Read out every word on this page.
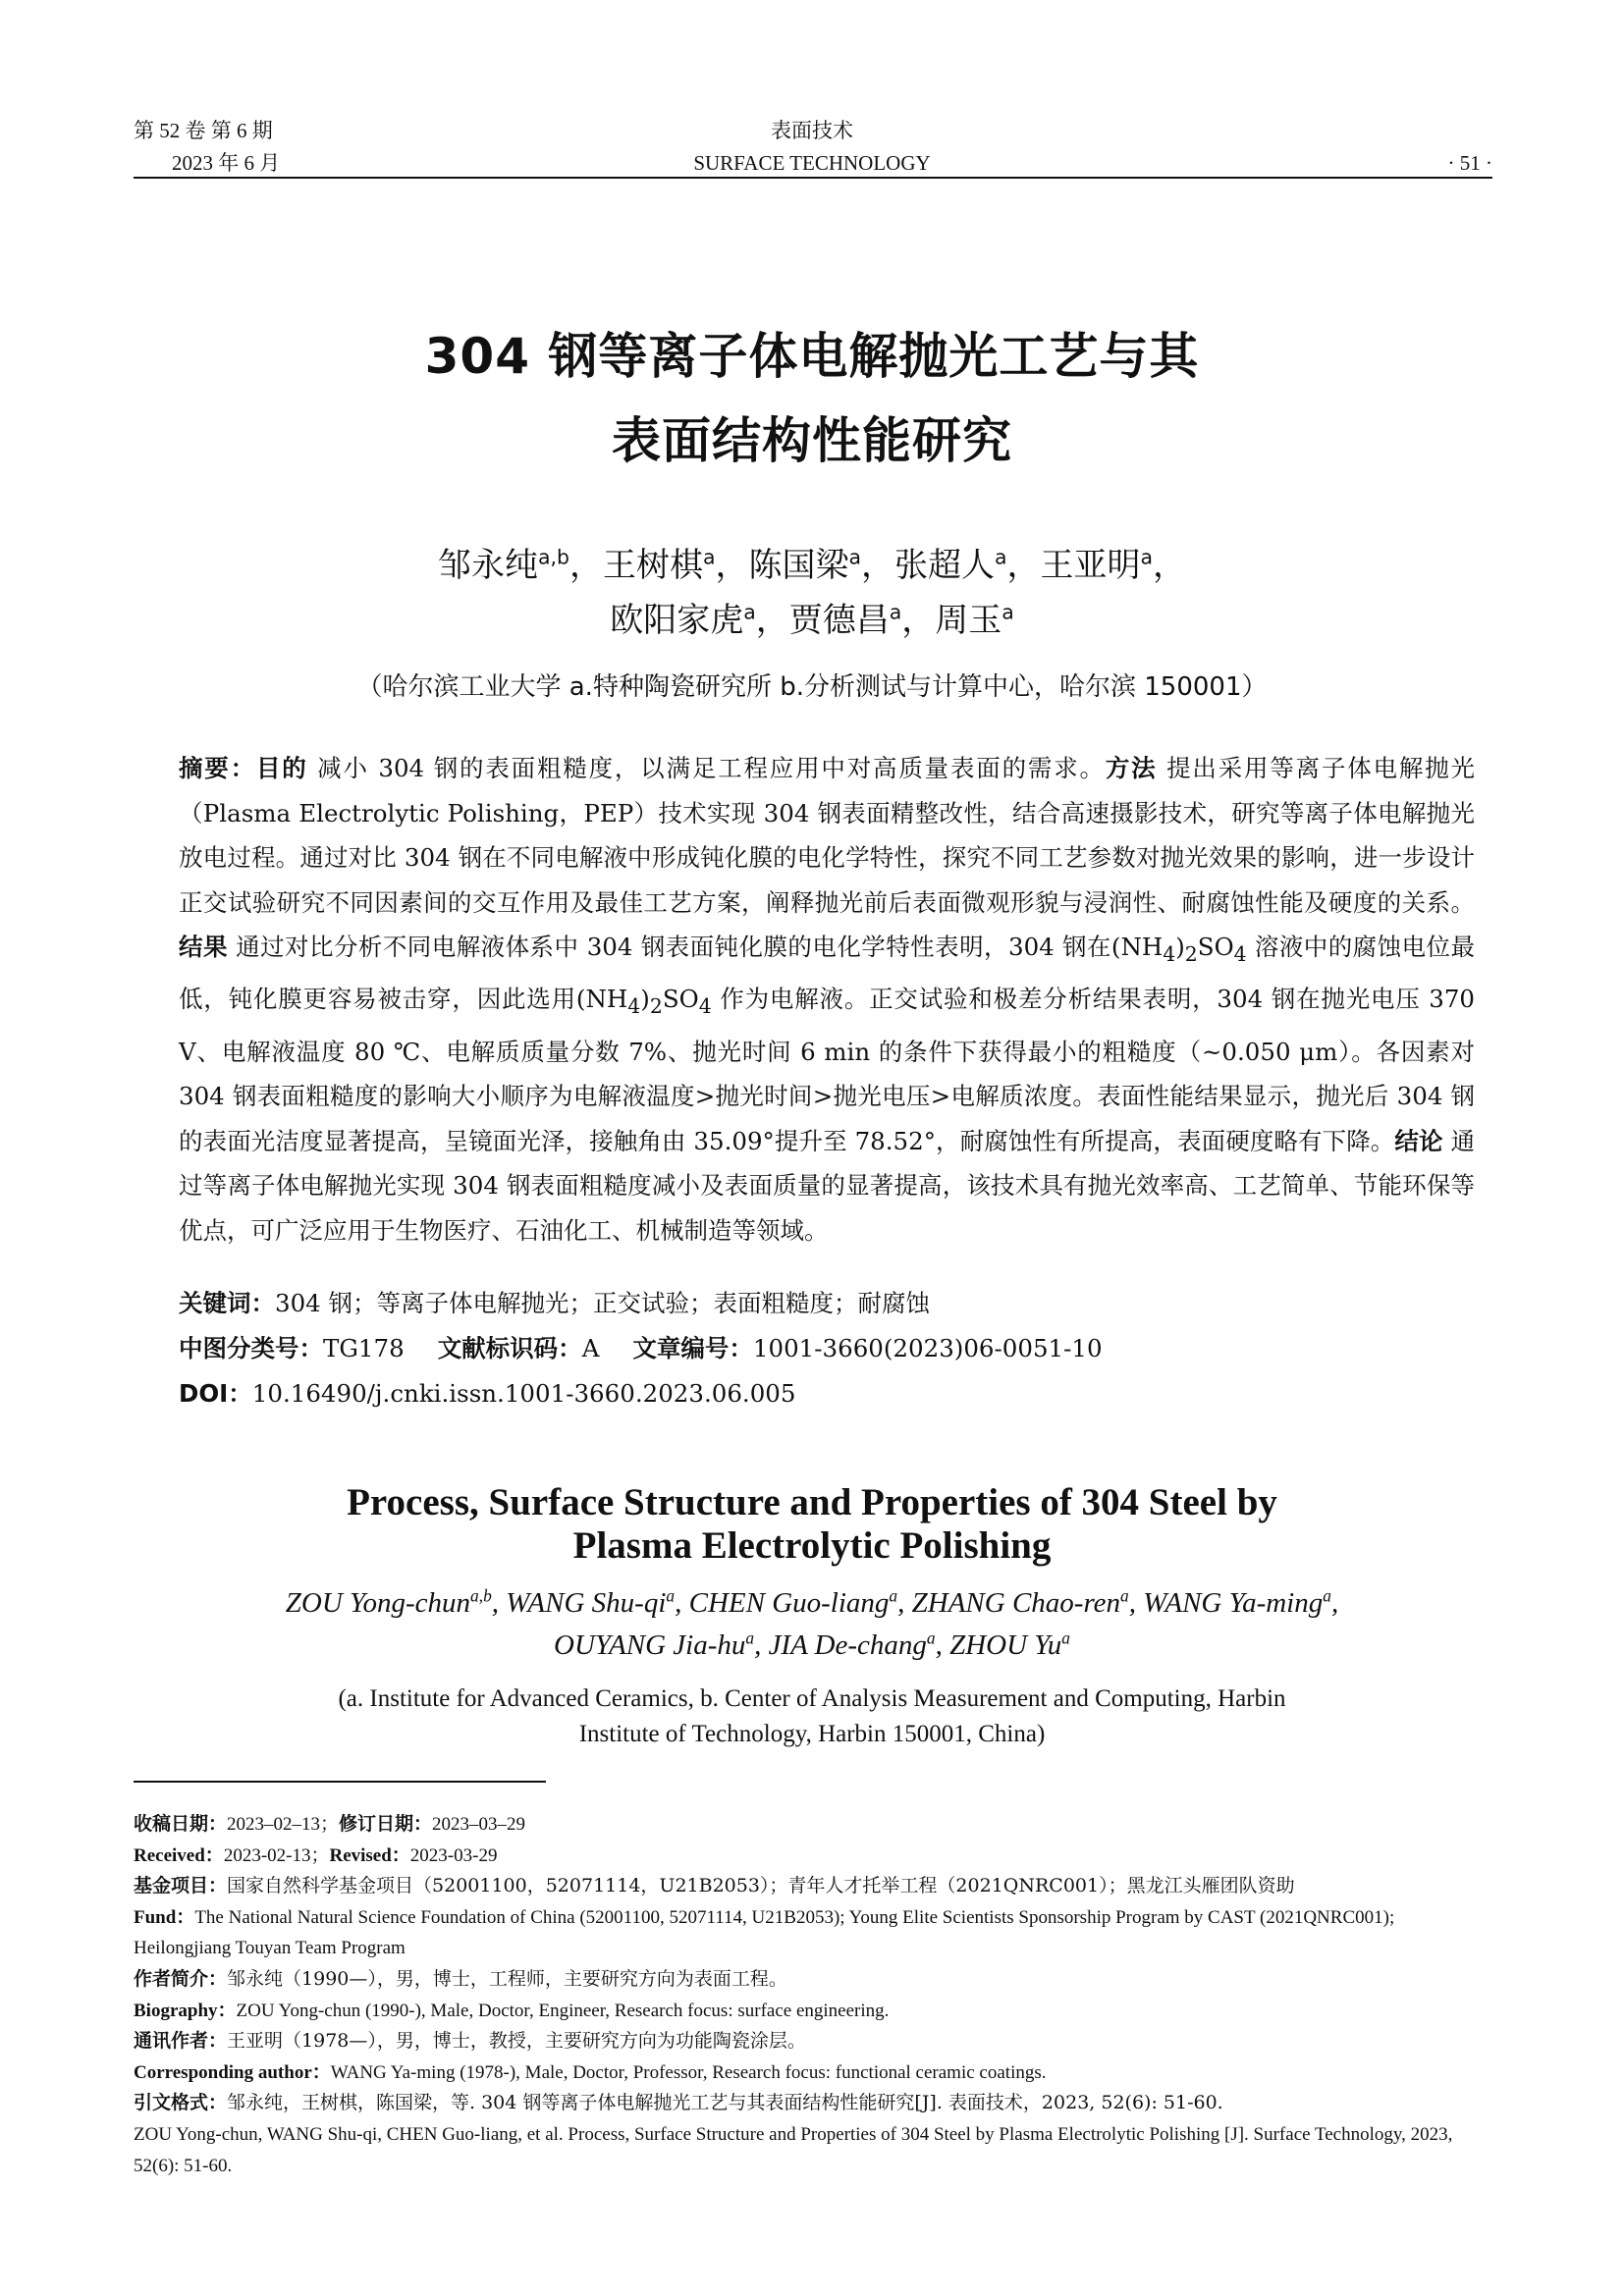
第 52 卷 第 6 期
2023 年 6 月
表面技术
SURFACE TECHNOLOGY	· 51 ·
304 钢等离子体电解抛光工艺与其
表面结构性能研究
邹永纯$^{a,b}$，王树棋$^a$，陈国梁$^a$，张超人$^a$，王亚明$^a$，
欧阳家虎$^a$，贾德昌$^a$，周玉$^a$
（哈尔滨工业大学 a.特种陶瓷研究所 b.分析测试与计算中心，哈尔滨 150001）
摘要：目的 减小 304 钢的表面粗糙度，以满足工程应用中对高质量表面的需求。方法 提出采用等离子体电解抛光（Plasma Electrolytic Polishing，PEP）技术实现 304 钢表面精整改性，结合高速摄影技术，研究等离子体电解抛光放电过程。通过对比 304 钢在不同电解液中形成钝化膜的电化学特性，探究不同工艺参数对抛光效果的影响，进一步设计正交试验研究不同因素间的交互作用及最佳工艺方案，阐释抛光前后表面微观形貌与浸润性、耐腐蚀性能及硬度的关系。结果 通过对比分析不同电解液体系中 304 钢表面钝化膜的电化学特性表明，304 钢在$(NH_4)_2SO_4$ 溶液中的腐蚀电位最低，钝化膜更容易被击穿，因此选用$(NH_4)_2SO_4$ 作为电解液。正交试验和极差分析结果表明，304 钢在抛光电压 370 V、电解液温度 80 ℃、电解质质量分数 7%、抛光时间 6 min 的条件下获得最小的粗糙度（~0.050 μm）。各因素对 304 钢表面粗糙度的影响大小顺序为电解液温度>抛光时间>抛光电压>电解质浓度。表面性能结果显示，抛光后 304 钢的表面光洁度显著提高，呈镜面光泽，接触角由 35.09°提升至 78.52°，耐腐蚀性有所提高，表面硬度略有下降。结论 通过等离子体电解抛光实现 304 钢表面粗糙度减小及表面质量的显著提高，该技术具有抛光效率高、工艺简单、节能环保等优点，可广泛应用于生物医疗、石油化工、机械制造等领域。
关键词：304 钢；等离子体电解抛光；正交试验；表面粗糙度；耐腐蚀
中图分类号：TG178 文献标识码：A 文章编号：1001-3660(2023)06-0051-10
DOI：10.16490/j.cnki.issn.1001-3660.2023.06.005
Process, Surface Structure and Properties of 304 Steel by
Plasma Electrolytic Polishing
ZOU Yong-chun$^{a,b}$, WANG Shu-$qi^a$, CHEN Guo-liang$^a$, ZHANG Chao-ren$^a$, WANG Ya-ming$^a$,
OUYANG Jia-$hu^a$, JIA De-chang$^a$, ZHOU Yu$^a$
(a. Institute for Advanced Ceramics, b. Center of Analysis Measurement and Computing, Harbin
Institute of Technology, Harbin 150001, China)
收稿日期：2023–02–13；修订日期：2023–03–29
Received：2023-02-13；Revised：2023-03-29
基金项目：国家自然科学基金项目（52001100，52071114，U21B2053）；青年人才托举工程（2021QNRC001）；黑龙江头雁团队资助
Fund：The National Natural Science Foundation of China (52001100, 52071114, U21B2053); Young Elite Scientists Sponsorship Program by CAST (2021QNRC001); Heilongjiang Touyan Team Program
作者简介：邹永纯（1990—），男，博士，工程师，主要研究方向为表面工程。
Biography：ZOU Yong-chun (1990-), Male, Doctor, Engineer, Research focus: surface engineering.
通讯作者：王亚明（1978—），男，博士，教授，主要研究方向为功能陶瓷涂层。
Corresponding author：WANG Ya-ming (1978-), Male, Doctor, Professor, Research focus: functional ceramic coatings.
引文格式：邹永纯，王树棋，陈国梁，等. 304 钢等离子体电解抛光工艺与其表面结构性能研究[J]. 表面技术，2023, 52(6): 51-60.
ZOU Yong-chun, WANG Shu-qi, CHEN Guo-liang, et al. Process, Surface Structure and Properties of 304 Steel by Plasma Electrolytic Polishing [J]. Surface Technology, 2023, 52(6): 51-60.
